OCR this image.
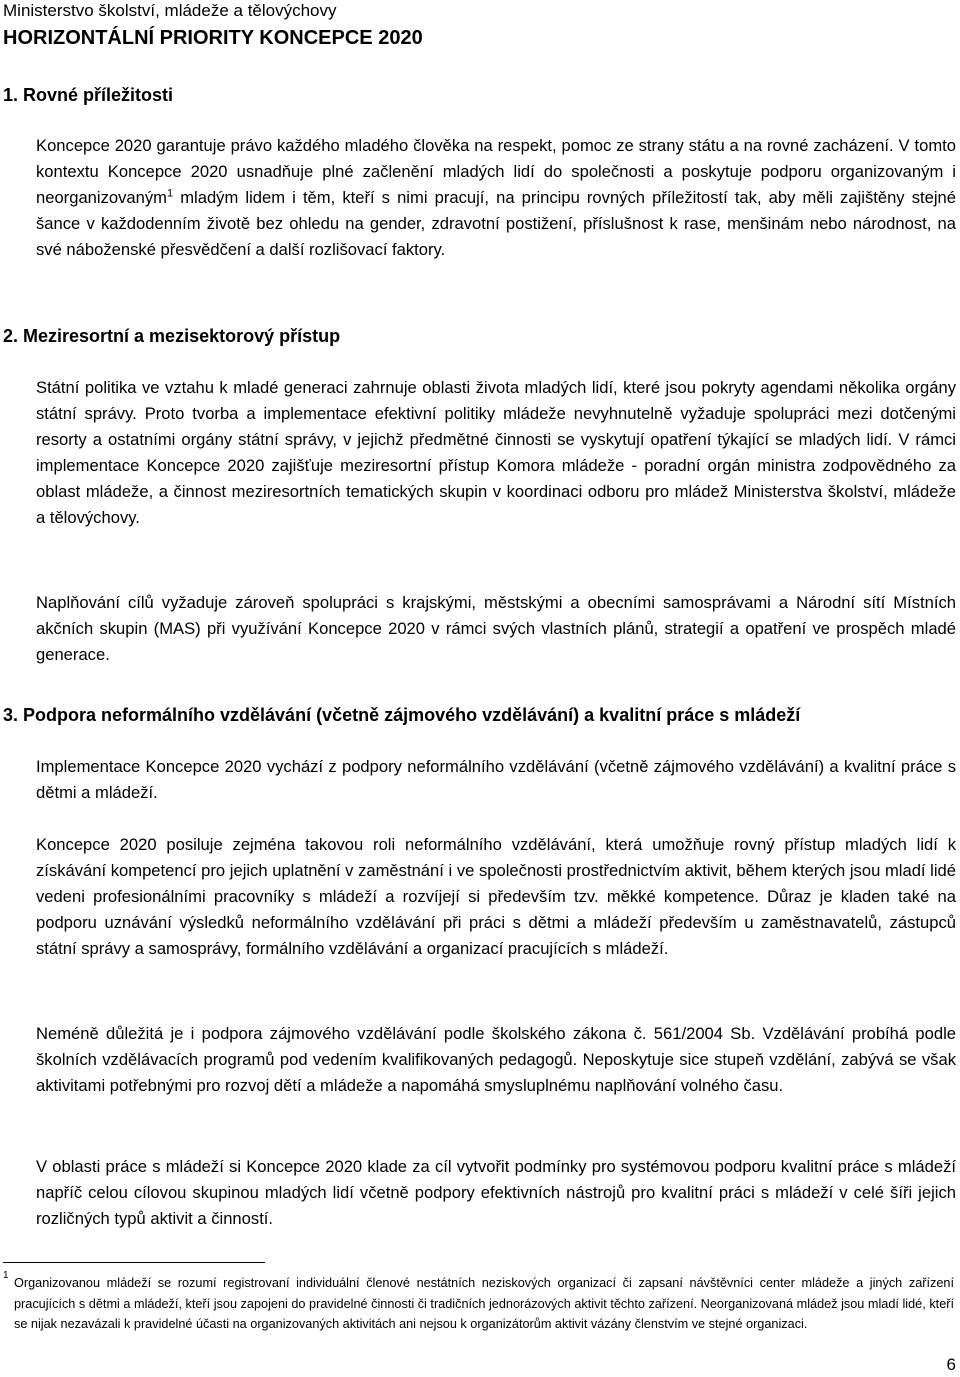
Ministerstvo školství, mládeže a tělovýchovy
HORIZONTÁLNÍ PRIORITY KONCEPCE 2020
1. Rovné příležitosti

Koncepce 2020 garantuje právo každého mladého člověka na respekt, pomoc ze strany státu a na rovné zacházení. V tomto kontextu Koncepce 2020 usnadňuje plné začlenění mladých lidí do společnosti a poskytuje podporu organizovaným i neorganizovaným$^1$ mladým lidem i těm, kteří s nimi pracují, na principu rovných příležitostí tak, aby měli zajištěny stejné šance v každodenním životě bez ohledu na gender, zdravotní postižení, příslušnost k rase, menšinám nebo národnost, na své náboženské přesvědčení a další rozlišovací faktory.

2. Meziresortní a mezisektorový přístup

Státní politika ve vztahu k mladé generaci zahrnuje oblasti života mladých lidí, které jsou pokryty agendami několika orgány státní správy. Proto tvorba a implementace efektivní politiky mládeže nevyhnutelně vyžaduje spolupráci mezi dotčenými resorty a ostatními orgány státní správy, v jejichž předmětné činnosti se vyskytují opatření týkající se mladých lidí. V rámci implementace Koncepce 2020 zajišťuje meziresortní přístup Komora mládeže - poradní orgán ministra zodpovědného za oblast mládeže, a činnost meziresortních tematických skupin v koordinaci odboru pro mládež Ministerstva školství, mládeže a tělovýchovy.

Naplňování cílů vyžaduje zároveň spolupráci s krajskými, městskými a obecními samosprávami a Národní sítí Místních akčních skupin (MAS) při využívání Koncepce 2020 v rámci svých vlastních plánů, strategií a opatření ve prospěch mladé generace.

3. Podpora neformálního vzdělávání (včetně zájmového vzdělávání) a kvalitní práce s mládeží

Implementace Koncepce 2020 vychází z podpory neformálního vzdělávání (včetně zájmového vzdělávání) a kvalitní práce s dětmi a mládeží.

Koncepce 2020 posiluje zejména takovou roli neformálního vzdělávání, která umožňuje rovný přístup mladých lidí k získávání kompetencí pro jejich uplatnění v zaměstnání i ve společnosti prostřednictvím aktivit, během kterých jsou mladí lidé vedeni profesionálními pracovníky s mládeží a rozvíjejí si především tzv. měkké kompetence. Důraz je kladen také na podporu uznávání výsledků neformálního vzdělávání při práci s dětmi a mládeží především u zaměstnavatelů, zástupců státní správy a samosprávy, formálního vzdělávání a organizací pracujících s mládeží.

Neméně důležitá je i podpora zájmového vzdělávání podle školského zákona č. 561/2004 Sb. Vzdělávání probíhá podle školních vzdělávacích programů pod vedením kvalifikovaných pedagogů. Neposkytuje sice stupeň vzdělání, zabývá se však aktivitami potřebnými pro rozvoj dětí a mládeže a napomáhá smysluplnému naplňování volného času.

V oblasti práce s mládeží si Koncepce 2020 klade za cíl vytvořit podmínky pro systémovou podporu kvalitní práce s mládeží napříč celou cílovou skupinou mladých lidí včetně podpory efektivních nástrojů pro kvalitní práci s mládeží v celé šíři jejich rozličných typů aktivit a činností.

1

Organizovanou mládeží se rozumí registrovaní individuální členové nestátních neziskových organizací či zapsaní návštěvníci center mládeže a jiných zařízení pracujících s dětmi a mládeží, kteří jsou zapojeni do pravidelné činnosti či tradičních jednorázových aktivit těchto zařízení. Neorganizovaná mládež jsou mladí lidé, kteří se nijak nezavázali k pravidelné účasti na organizovaných aktivitách ani nejsou k organizátorům aktivit vázány členstvím ve stejné organizaci.

6
